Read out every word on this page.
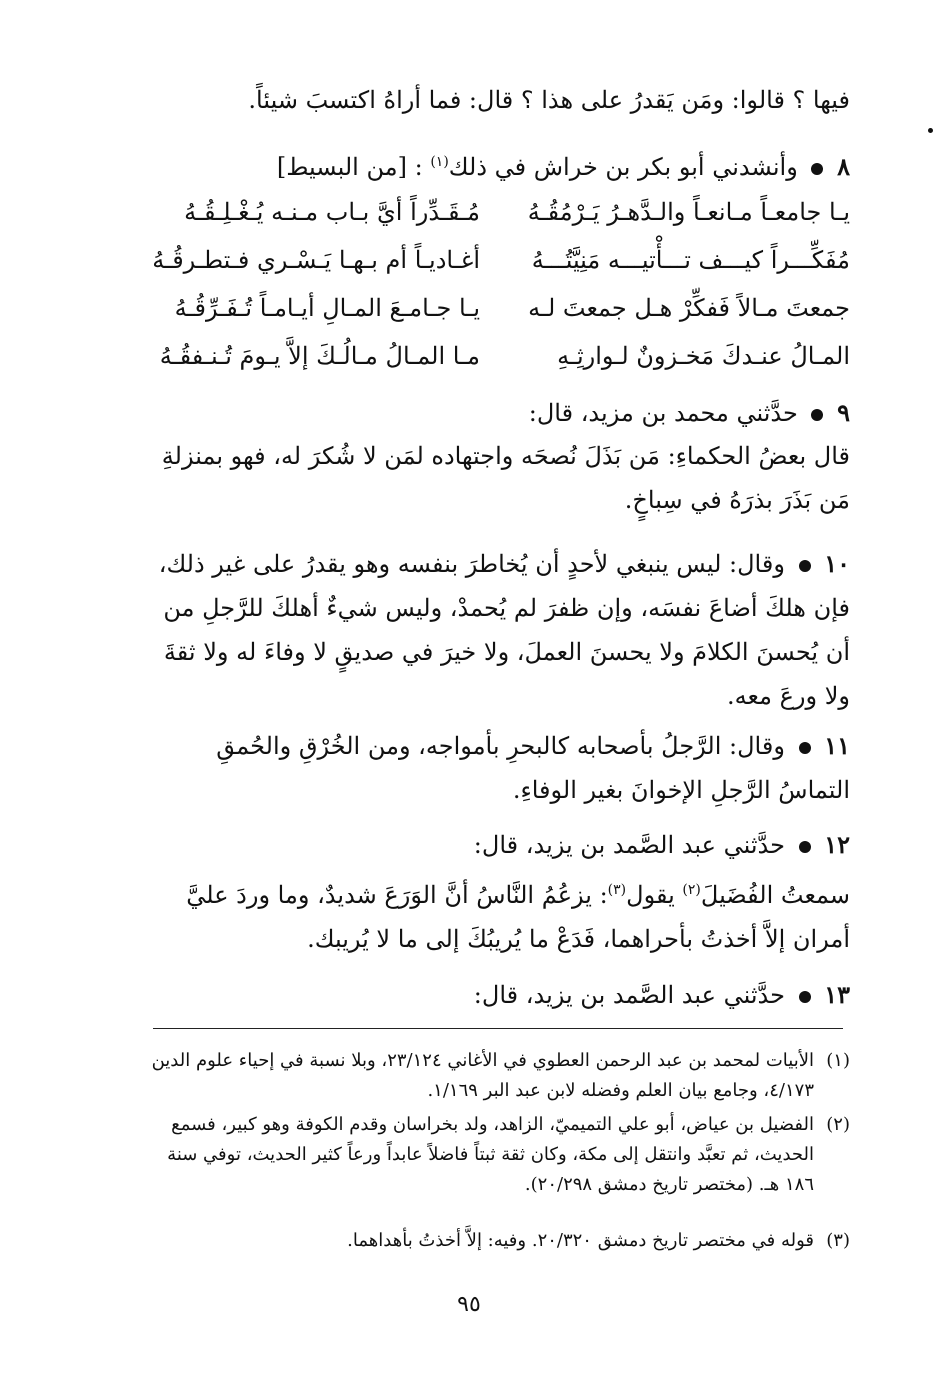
فيها ؟ قالوا: ومَن يَقدرُ على هذا ؟ قال: فما أراهُ اكتسبَ شيئاً.
٨  وأنشدني أبو بكر بن خراش في ذلك$^{(١)}$ : [من البسيط]
يـا جامعـاً مـانعـاً والـدَّهـرُ يَـرْمُقُـهُ
مُـقَـدِّراً أيَّ بـاب مـنـه يُـغْـلِـقُـهُ
مُفَكِّـــراً كيـــف تـــأْتيـــه مَنِيَّتُـــهُ
أغـاديـاً أم بـهـا يَـسْـري فـتطـرقُـهُ
جمعتَ مـالاً فَفكِّرْ هـل جمعتَ لـه
يـا جـامـعَ المـالِ أيـامـاً تُـفَـرِّقُـهُ
المـالُ عنـدكَ مَخـزونٌ لـوارثِـهِ
مـا المـالُ مـالُـكَ إلاَّ يـومَ تُـنـفقُـهُ
٩  حدَّثني محمد بن مزيد، قال:
قال بعضُ الحكماءِ: مَن بَذَلَ نُصحَه واجتهاده لمَن لا شُكرَ له، فهو بمنزلةِ مَن بَذَرَ بذرَهُ في سِباخٍ.
١٠  وقال: ليس ينبغي لأحدٍ أن يُخاطرَ بنفسه وهو يقدرُ على غير ذلك، فإن هلكَ أضاعَ نفسَه، وإن ظفرَ لم يُحمدْ، وليس شيءٌ أهلكَ للرَّجلِ من أن يُحسنَ الكلامَ ولا يحسنَ العملَ، ولا خيرَ في صديقٍ لا وفاءَ له ولا ثقةَ ولا ورعَ معه.
١١  وقال: الرَّجلُ بأصحابه كالبحرِ بأمواجه، ومن الخُرْقِ والحُمقِ التماسُ الرَّجلِ الإخوانَ بغير الوفاءِ.
١٢  حدَّثني عبد الصَّمد بن يزيد، قال:
سمعتُ الفُضَيلَ$^{(٢)}$ يقول$^{(٣)}$: يزعُمُ النَّاسُ أنَّ الوَرَعَ شديدٌ، وما وردَ عليَّ أمران إلاَّ أخذتُ بأحراهما، فَدَعْ ما يُريبُكَ إلى ما لا يُريبك.
١٣  حدَّثني عبد الصَّمد بن يزيد، قال:
(١)
الأبيات لمحمد بن عبد الرحمن العطوي في الأغاني ٢٣/١٢٤، وبلا نسبة في إحياء علوم الدين ٤/١٧٣، وجامع بيان العلم وفضله لابن عبد البر ١/١٦٩.
(٢)
الفضيل بن عياض، أبو علي التميميّ، الزاهد، ولد بخراسان وقدم الكوفة وهو كبير، فسمع الحديث، ثم تعبَّد وانتقل إلى مكة، وكان ثقة ثبتاً فاضلاً عابداً ورعاً كثير الحديث، توفي سنة ١٨٦ هـ. (مختصر تاريخ دمشق ٢٠/٢٩٨).
(٣)
قوله في مختصر تاريخ دمشق ٢٠/٣٢٠. وفيه: إلاَّ أخذتُ بأهداهما.
٩٥
